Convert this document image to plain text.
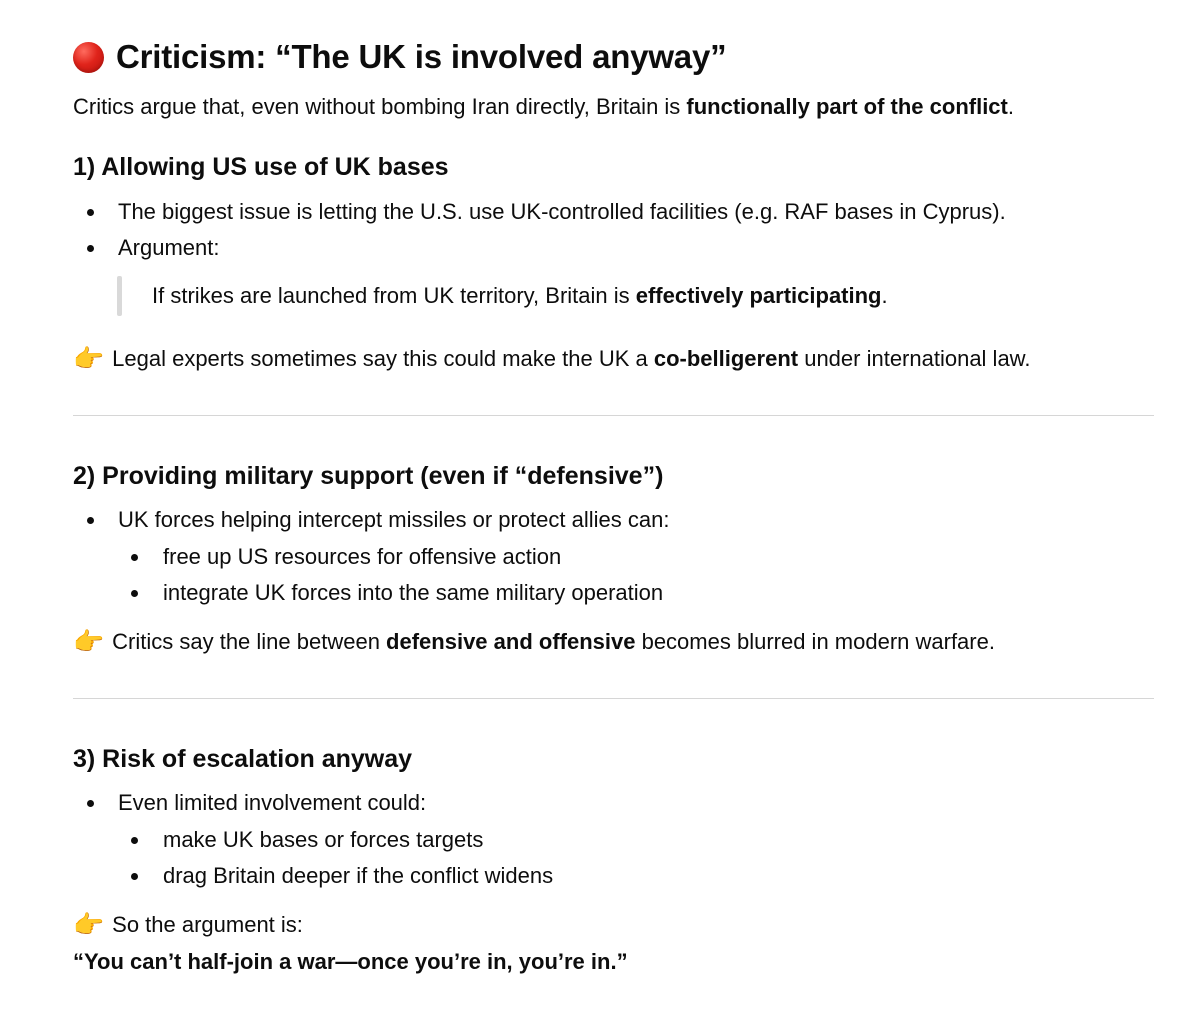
Criticism: “The UK is involved anyway”
Critics argue that, even without bombing Iran directly, Britain is functionally part of the conflict.
1) Allowing US use of UK bases
The biggest issue is letting the U.S. use UK-controlled facilities (e.g. RAF bases in Cyprus).
Argument:
If strikes are launched from UK territory, Britain is effectively participating.
👉 Legal experts sometimes say this could make the UK a co-belligerent under international law.
2) Providing military support (even if “defensive”)
UK forces helping intercept missiles or protect allies can:
free up US resources for offensive action
integrate UK forces into the same military operation
👉 Critics say the line between defensive and offensive becomes blurred in modern warfare.
3) Risk of escalation anyway
Even limited involvement could:
make UK bases or forces targets
drag Britain deeper if the conflict widens
👉 So the argument is:
“You can’t half-join a war—once you’re in, you’re in.”
